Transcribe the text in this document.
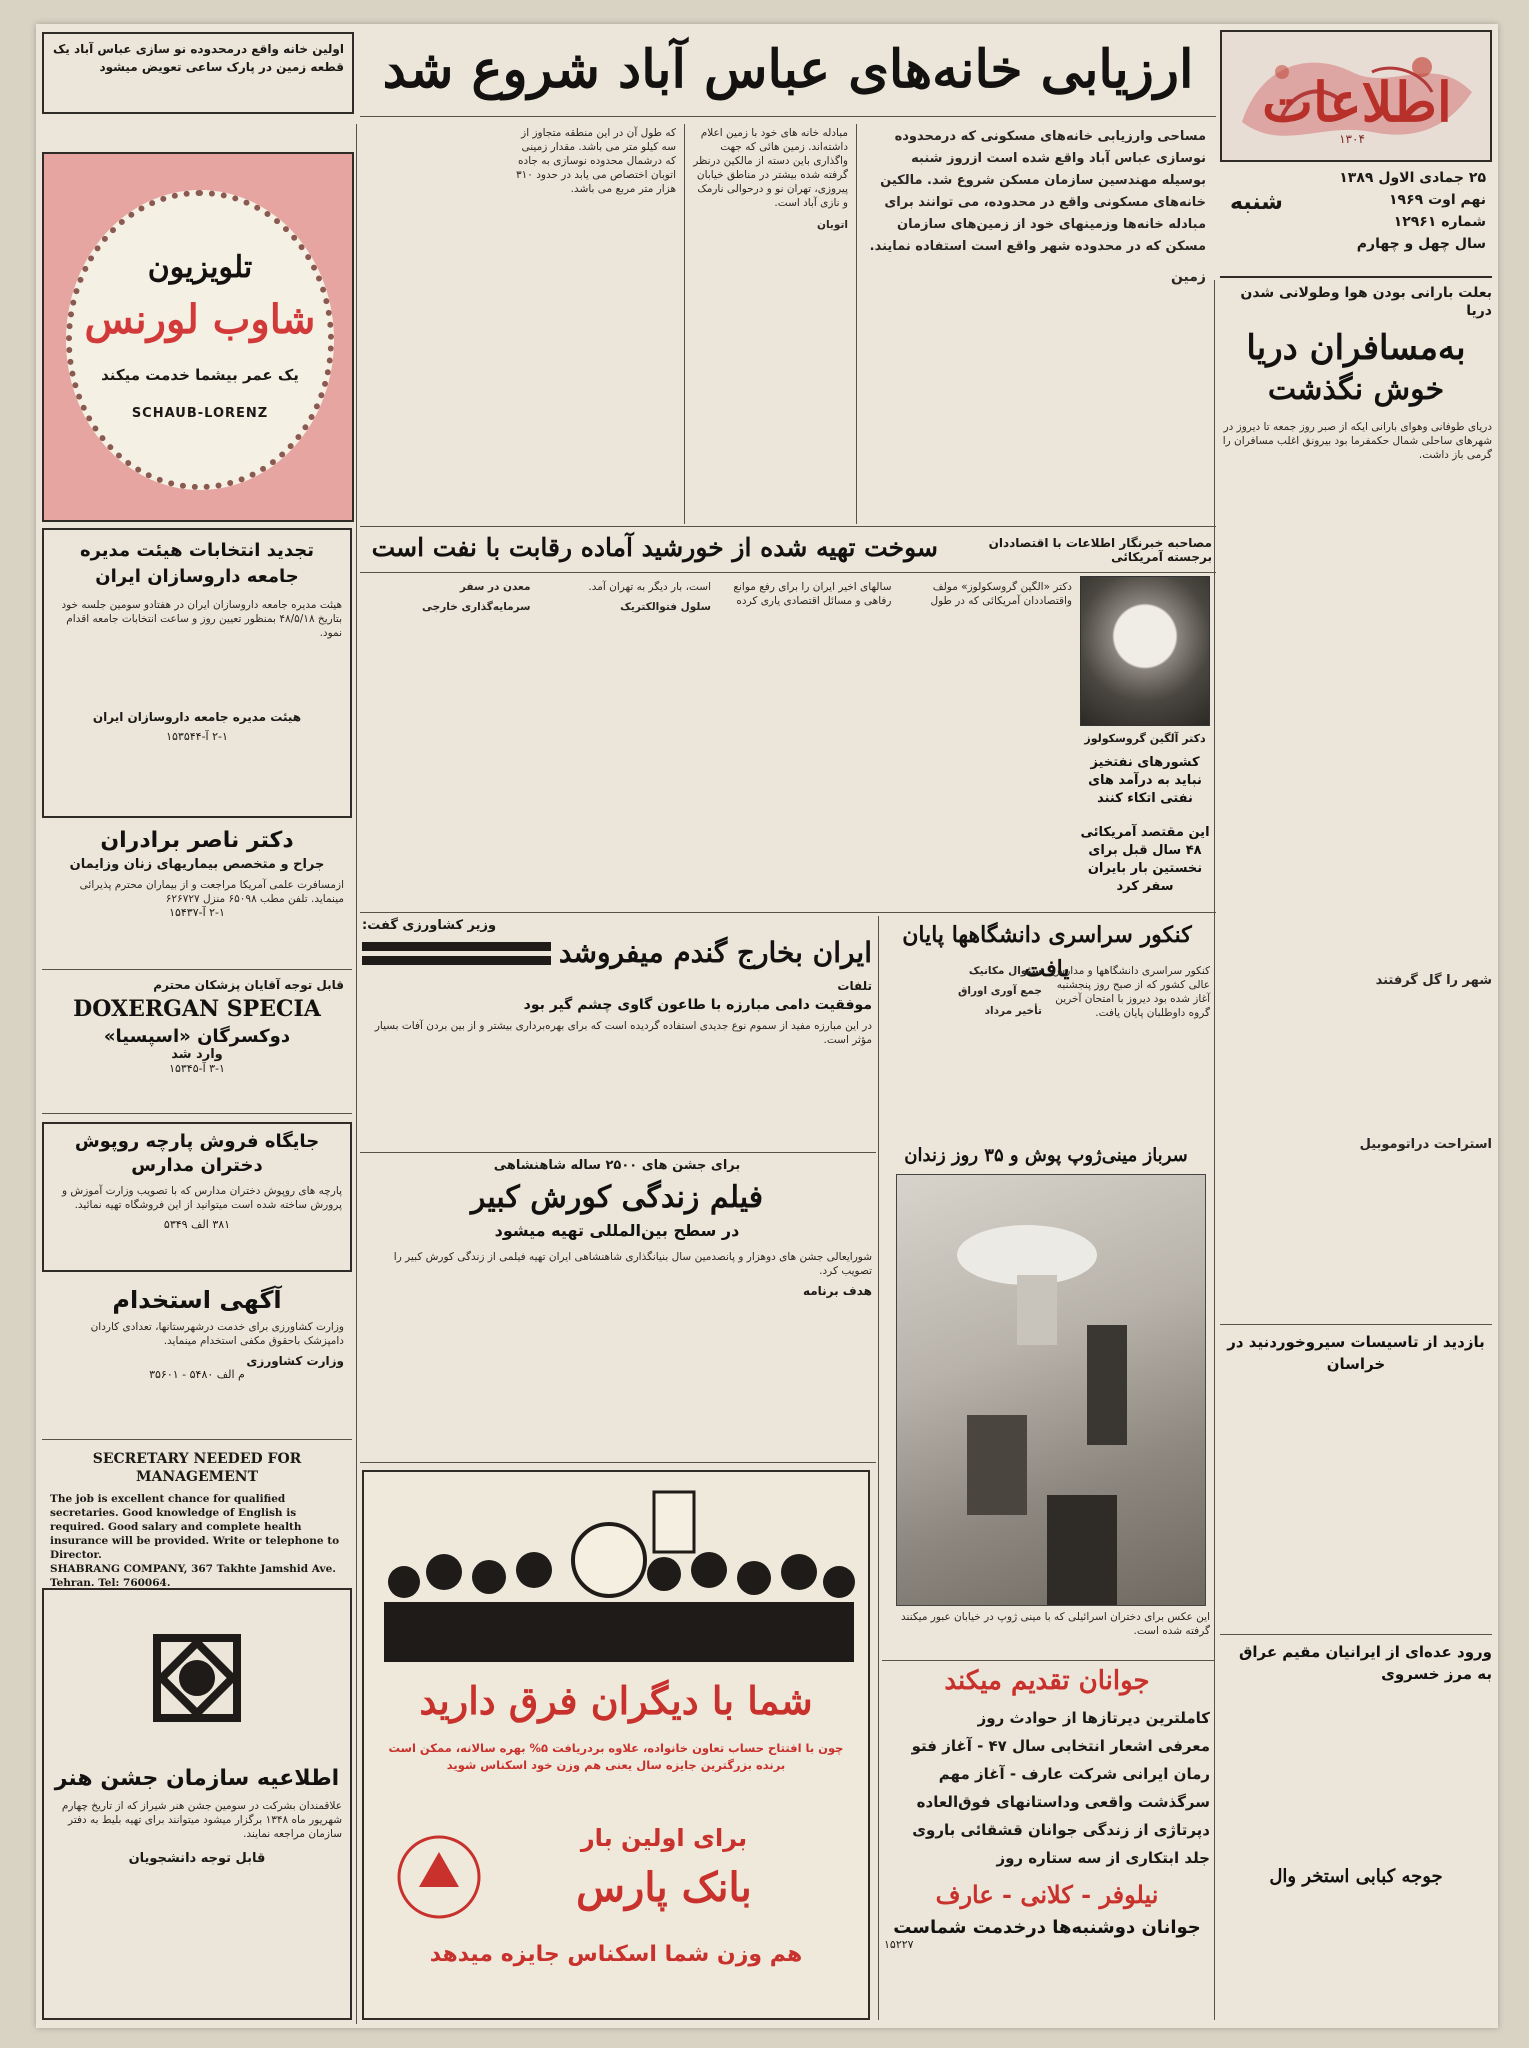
اطلاعات
۱۳۰۴
شنبه
۲۵ جمادی الاول ۱۳۸۹
نهم اوت ۱۹۶۹
شماره ۱۲۹۶۱
سال چهل و چهارم
ارزیابی خانه‌های عباس آباد شروع شد
اولین خانه واقع درمحدوده نو سازی عباس آباد یک قطعه زمین در پارک ساعی تعویض میشود

مساحی وارزیابی خانه‌های مسکونی که درمحدوده نوسازی عباس آباد واقع شده است ازروز شنبه بوسیله مهندسین سازمان مسکن شروع شد. مالکین خانه‌های مسکونی واقع در محدوده، می توانند برای مبادله خانه‌ها وزمینهای خود از زمین‌های سازمان مسکن که در محدوده شهر واقع است استفاده نمایند.

زمین

مبادله خانه های خود با زمین اعلام داشته‌اند. زمین هائی که جهت واگذاری باین دسته از مالکین درنظر گرفته شده بیشتر در مناطق خیابان پیروزی، تهران نو و درحوالی نارمک و نازی آباد است.

اتوبان

که طول آن در این منطقه متجاوز از سه کیلو متر می باشد. مقدار زمینی که درشمال محدوده نوسازی به جاده اتوبان اختصاص می یابد در حدود ۳۱۰ هزار متر مربع می باشد.

بعلت بارانی بودن هوا وطولانی شدن دریا
به‌مسافران دریا
خوش نگذشت

دریای طوفانی وهوای بارانی ایکه از صبر روز جمعه تا دیروز در شهرهای ساحلی شمال حکمفرما بود بیرونق اغلب مسافران را گرمی باز داشت.

شهر را گل گرفتند
استراحت دراتوموبیل
تلویزیون
شاوب لورنس
یک عمر بیشما خدمت میکند
SCHAUB-LORENZ
مصاحبه خبرنگار اطلاعات با اقتصاددان برجسته آمریکائی
سوخت تهیه شده از خورشید آماده رقابت با نفت است
دکتر آلگین گروسکولوز
کشورهای نفتخیز نباید به درآمد های نفتی اتکاء کنند
این مقتصد آمریکائی ۴۸ سال قبل برای نخستین بار بایران سفر کرد

دکتر «الگین گروسکولوز» مولف واقتصاددان آمریکائی که در طول سالهای اخیر ایران را برای رفع موانع رفاهی و مسائل اقتصادی یاری کرده است، بار دیگر به تهران آمد.

سلول فتوالکتریک
معدن در سفر
سرمایه‌گذاری خارجی
تجدید انتخابات هیئت مدیره جامعه داروسازان ایران

هیئت مدیره جامعه داروسازان ایران در هفتادو سومین جلسه خود بتاریخ ۴۸/۵/۱۸ بمنظور تعیین روز و ساعت انتخابات جامعه اقدام نمود.

هیئت مدیره جامعه داروسازان ایران
۲-۱ آ-۱۵۳۵۴۴
دکتر ناصر برادران
جراح و متخصص بیماریهای زنان وزایمان

ازمسافرت علمی آمریکا مراجعت و از بیماران محترم پذیرائی مینماید. تلفن مطب ۶۵۰۹۸ منزل ۶۲۶۷۲۷

۲-۱ آ-۱۵۴۳۷
قابل توجه آقایان پزشکان محترم
DOXERGAN SPECIA
دوکسرگان «اسپسیا»
وارد شد
۳-۱ آ-۱۵۳۴۵
جایگاه فروش پارچه روپوش دختران مدارس

پارچه های روپوش دختران مدارس که با تصویب وزارت آموزش و پرورش ساخته شده است میتوانید از این فروشگاه تهیه نمائید.

۳۸۱ الف ۵۳۴۹
آگهی استخدام

وزارت کشاورزی برای خدمت درشهرستانها، تعدادی کاردان دامپزشک باحقوق مکفی استخدام مینماید.

وزارت کشاورزی
م الف ۵۴۸۰ - ۳۵۶۰۱
SECRETARY NEEDED FOR MANAGEMENT

The job is excellent chance for qualified secretaries. Good knowledge of English is required. Good salary and complete health insurance will be provided. Write or telephone to Director.

SHABRANG COMPANY, 367 Takhte Jamshid Ave. Tehran. Tel: 760064.
اطلاعیه سازمان جشن هنر

علاقمندان بشرکت در سومین جشن هنر شیراز که از تاریخ چهارم شهریور ماه ۱۳۴۸ برگزار میشود میتوانند برای تهیه بلیط به دفتر سازمان مراجعه نمایند.

قابل توجه دانشجویان
وزیر کشاورزی گفت:
ایران بخارج گندم میفروشد
تلفات
موفقیت دامی مبارزه با طاعون گاوی چشم گیر بود

در این مبارزه مفید از سموم نوع جدیدی استفاده گردیده است که برای بهره‌برداری بیشتر و از بین بردن آفات بسیار مؤثر است.

برای جشن های ۲۵۰۰ ساله شاهنشاهی
فیلم زندگی کورش کبیر
در سطح بین‌المللی تهیه میشود

شورایعالی جشن های دوهزار و پانصدمین سال بنیانگذاری شاهنشاهی ایران تهیه فیلمی از زندگی کورش کبیر را تصویب کرد.

هدف برنامه
شما با دیگران فرق دارید

چون با افتتاح حساب تعاون خانواده، علاوه بردریافت ۵% بهره سالانه، ممکن است برنده بزرگترین جایزه سال یعنی هم وزن خود اسکناس شوید

برای اولین بار
بانک پارس
هم وزن شما اسکناس جایزه میدهد
کنکور سراسری دانشگاهها پایان یافت

کنکور سراسری دانشگاهها و مدارس عالی کشور که از صبح روز پنجشنبه آغاز شده بود دیروز با امتحان آخرین گروه داوطلبان پایان یافت.

سئوال مکانیک
جمع آوری اوراق
تأخیر مرداد
سرباز مینی‌ژوپ پوش و ۳۵ روز زندان
این عکس برای دختران اسرائیلی که با مینی ژوپ در خیابان عبور میکنند گرفته شده است.
جوانان تقدیم میکند
کاملترین دیرتازها از حوادث روز
معرفی اشعار انتخابی سال ۴۷ - آغاز فتو
رمان ایرانی شرکت عارف - آغاز مهم
سرگذشت واقعی وداستانهای فوق‌العاده
دپرتاژی از زندگی جوانان قشقائی باروی
جلد ابتکاری از سه ستاره روز
نیلوفر - کلانی - عارف
جوانان دوشنبه‌ها درخدمت شماست
۱۵۲۲۷
بازدید از تاسیسات سیروخوردنید در خراسان
ورود عده‌ای از ایرانیان مقیم عراق به مرز خسروی
جوجه کبابی استخر وال
